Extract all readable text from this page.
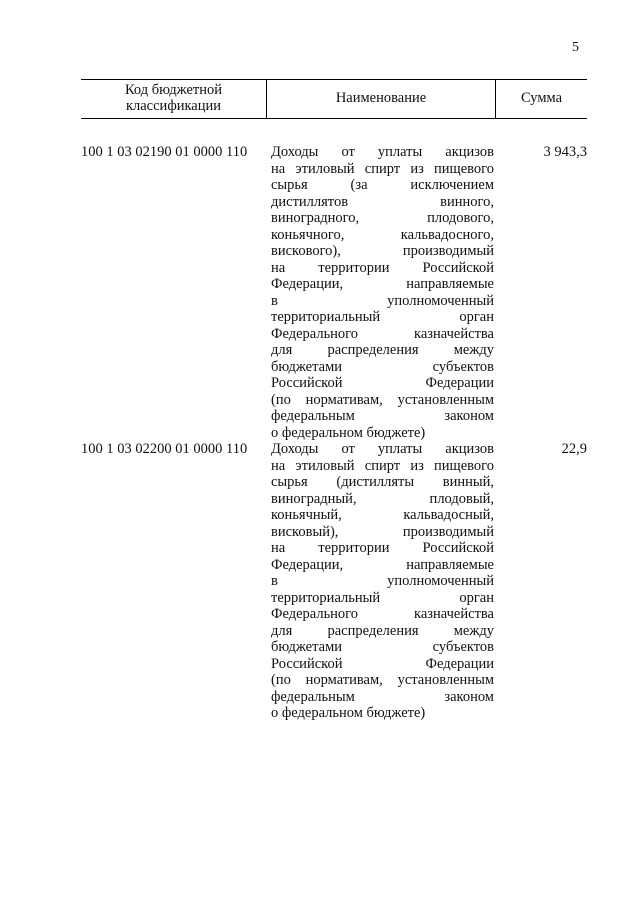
5
Код бюджетной
классификации	Наименование	Сумма
100 1 03 02190 01 0000 110 Доходы от уплаты акцизов
на этиловый спирт из пищевого
сырья (за исключением
дистиллятов винного,
виноградного, плодового,
коньячного, кальвадосного,
вискового), производимый
на территории Российской
Федерации, направляемые
в уполномоченный
территориальный орган
Федерального казначейства
для распределения между
бюджетами субъектов
Российской Федерации
(по нормативам, установленным
федеральным законом
о федеральном бюджете)
3 943,3
100 1 03 02200 01 0000 110 Доходы от уплаты акцизов
на этиловый спирт из пищевого
сырья (дистилляты винный,
виноградный, плодовый,
коньячный, кальвадосный,
висковый), производимый
на территории Российской
Федерации, направляемые
в уполномоченный
территориальный орган
Федерального казначейства
для распределения между
бюджетами субъектов
Российской Федерации
(по нормативам, установленным
федеральным законом
о федеральном бюджете)
22,9
